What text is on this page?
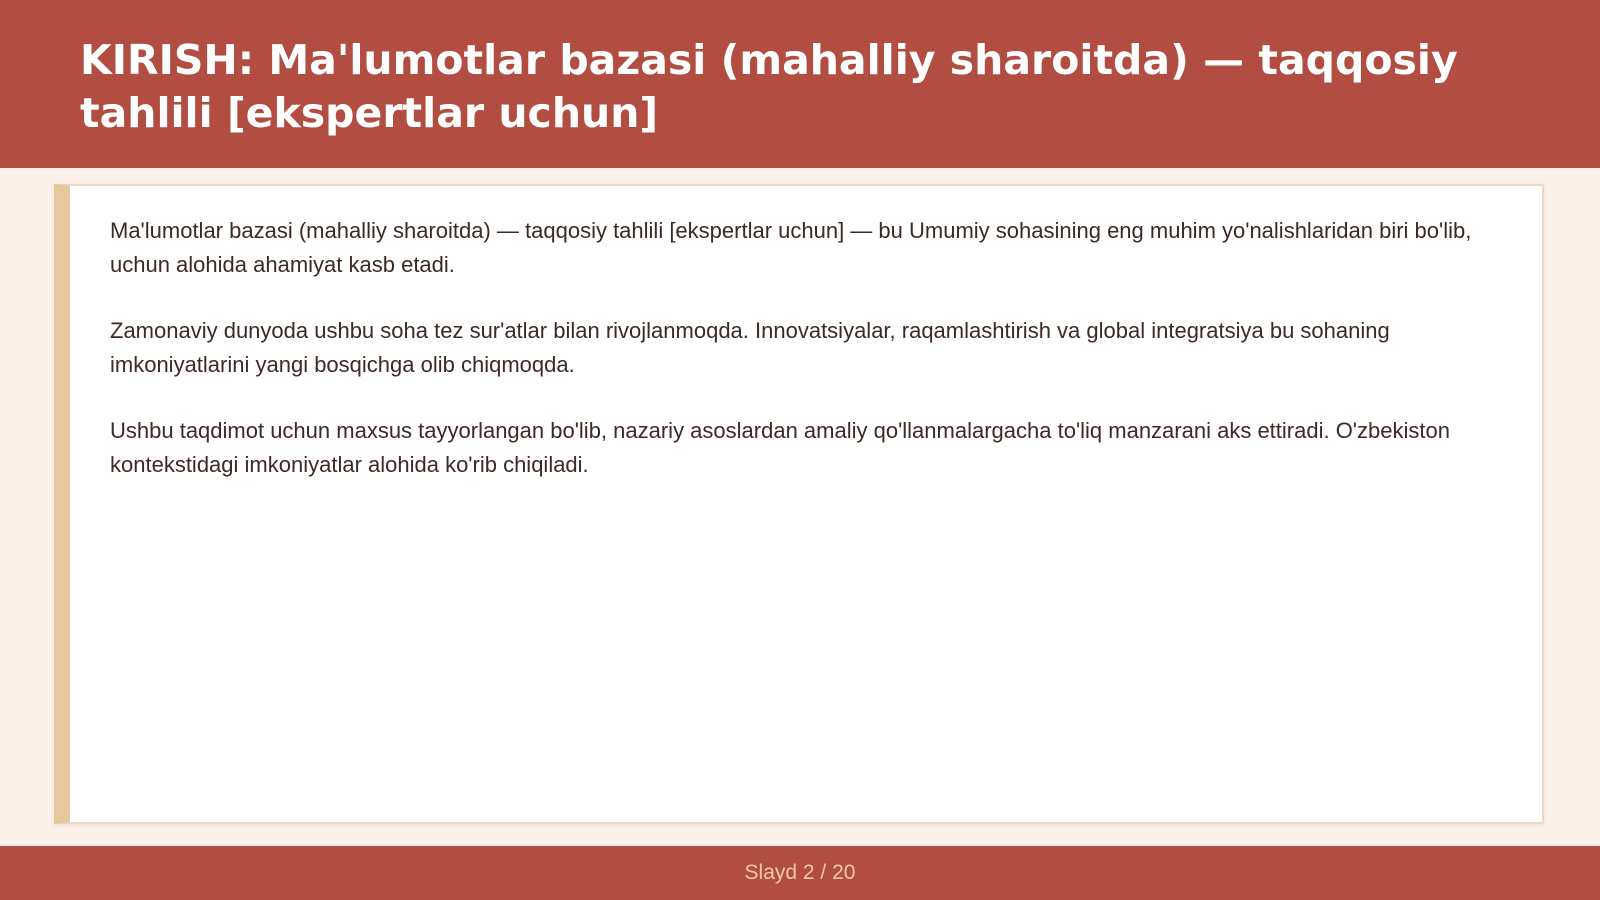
KIRISH: Ma'lumotlar bazasi (mahalliy sharoitda) — taqqosiy tahlili [ekspertlar uchun]

Ma'lumotlar bazasi (mahalliy sharoitda) — taqqosiy tahlili [ekspertlar uchun] — bu Umumiy sohasining eng muhim yo'nalishlaridan biri bo'lib, uchun alohida ahamiyat kasb etadi.

Zamonaviy dunyoda ushbu soha tez sur'atlar bilan rivojlanmoqda. Innovatsiyalar, raqamlashtirish va global integratsiya bu sohaning imkoniyatlarini yangi bosqichga olib chiqmoqda.

Ushbu taqdimot uchun maxsus tayyorlangan bo'lib, nazariy asoslardan amaliy qo'llanmalargacha to'liq manzarani aks ettiradi. O'zbekiston kontekstidagi imkoniyatlar alohida ko'rib chiqiladi.

Slayd 2 / 20
